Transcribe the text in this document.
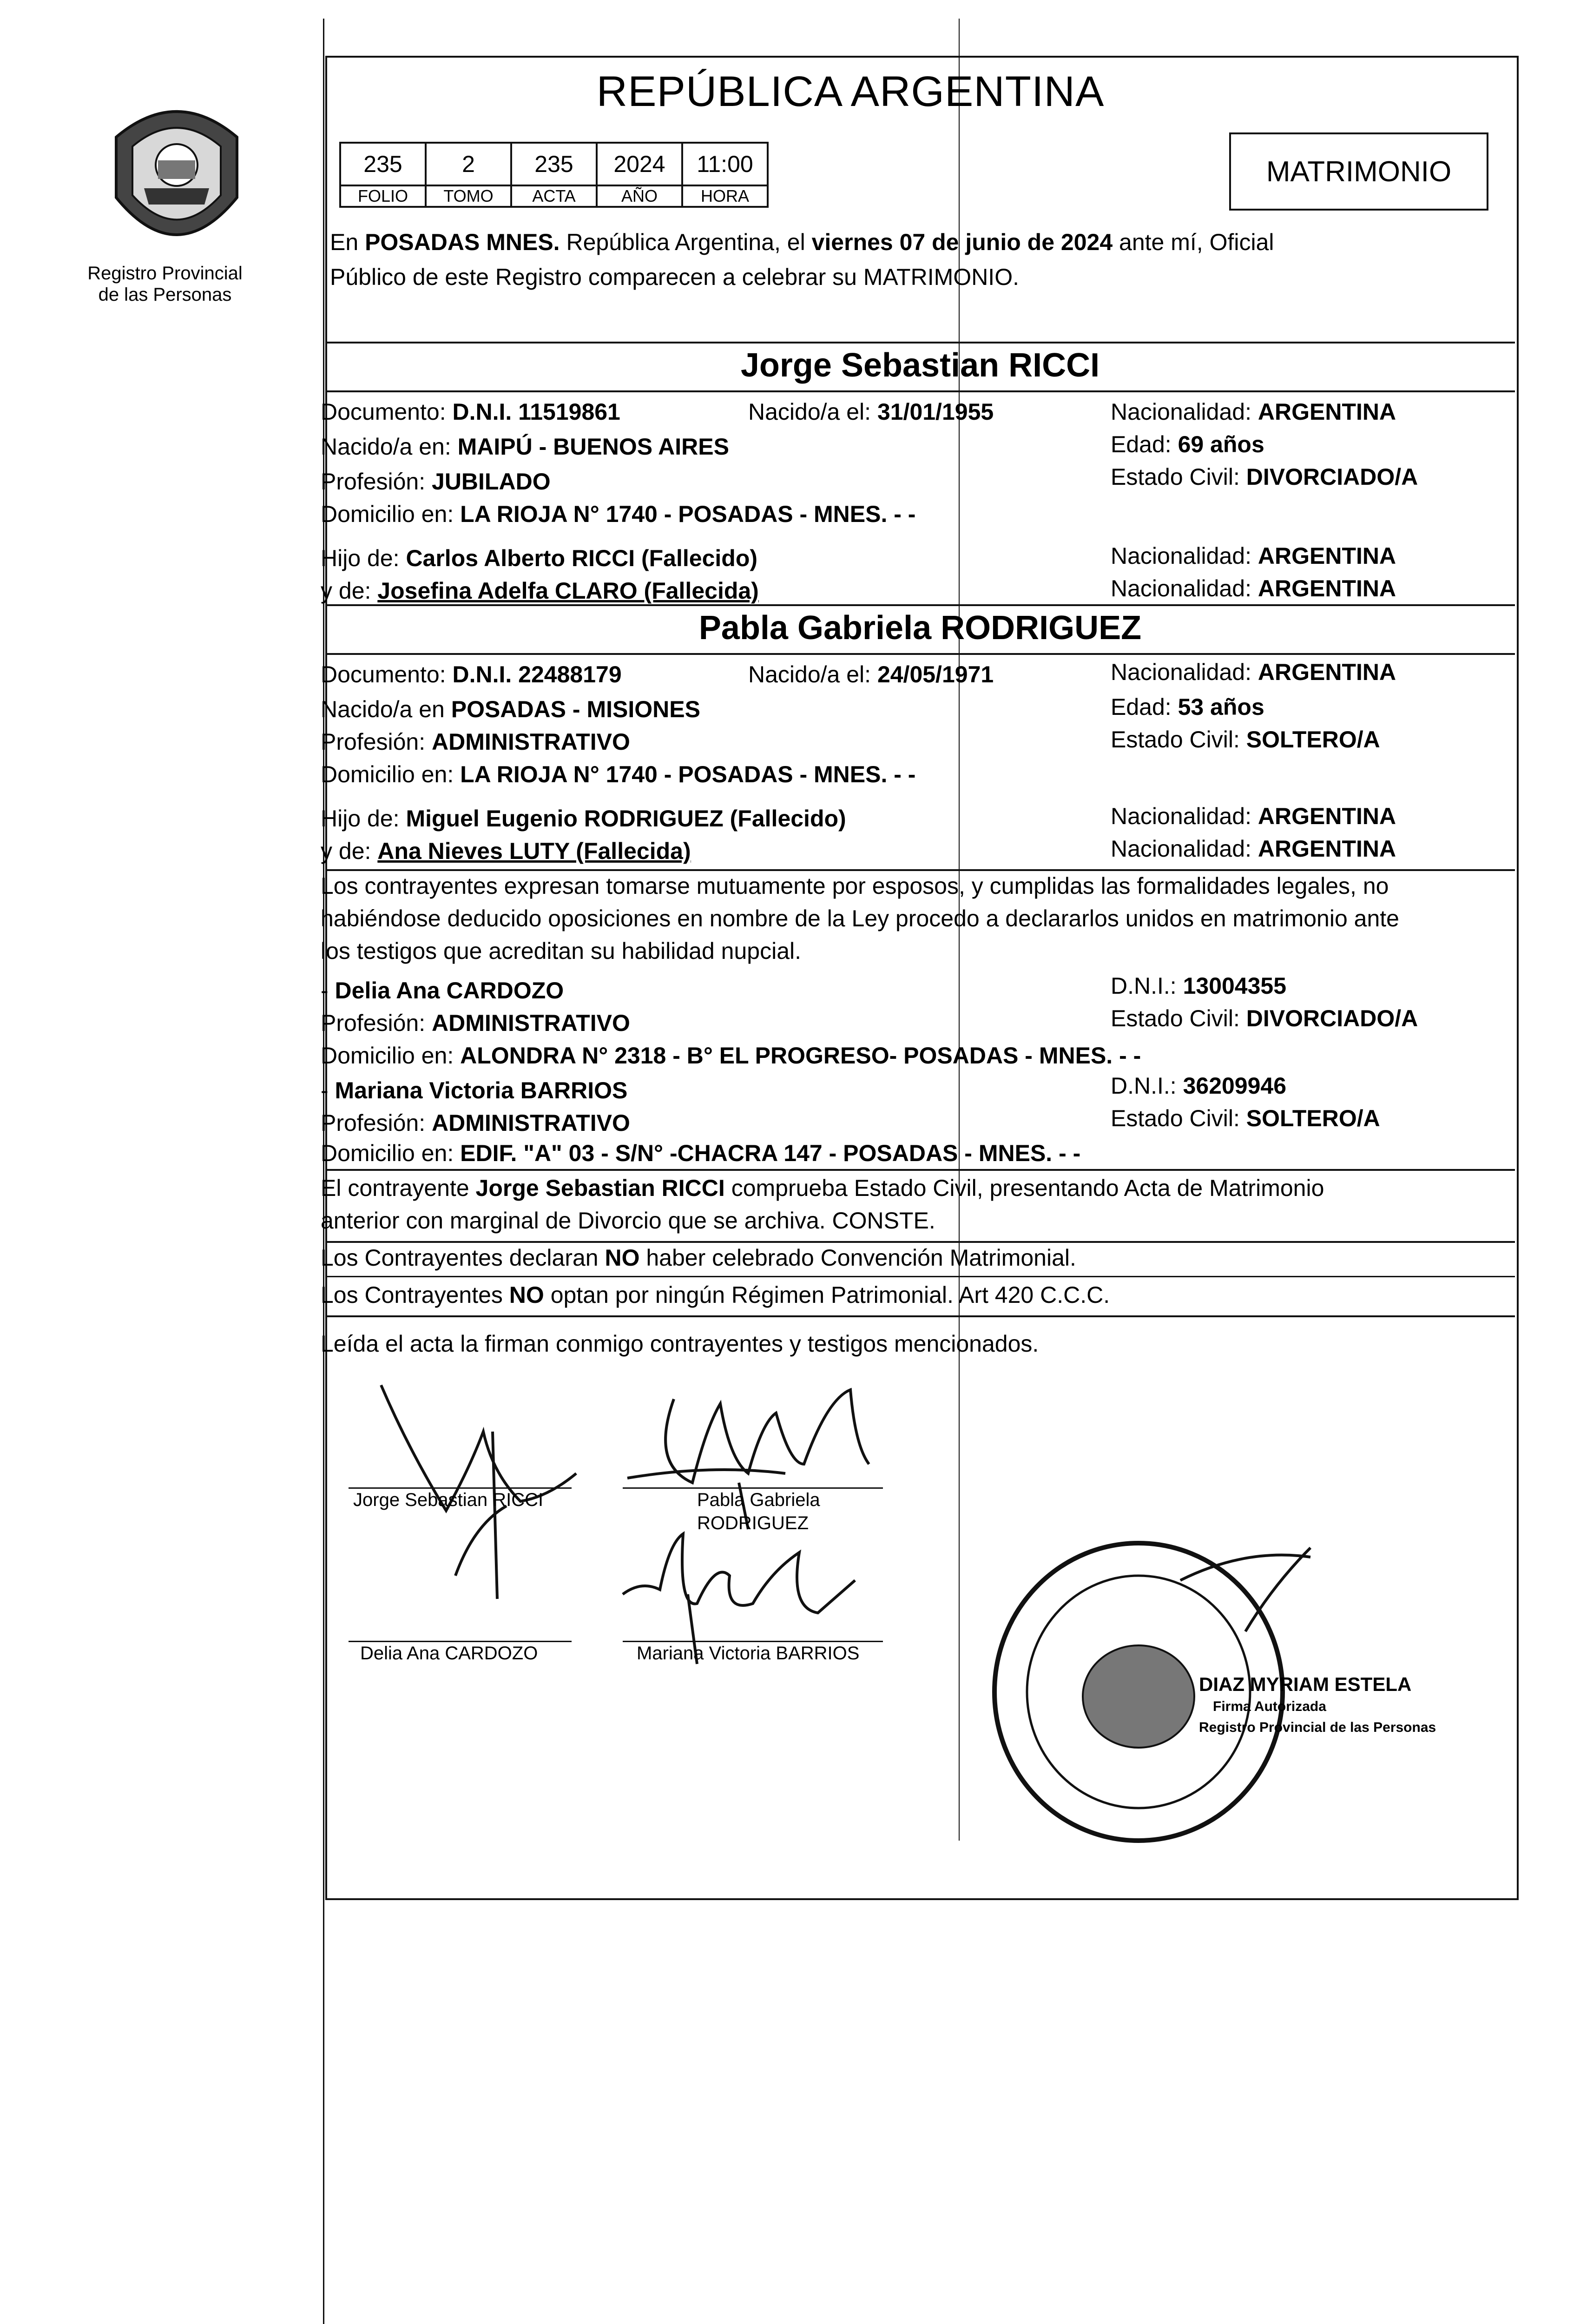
Registro Provincial
de las Personas
REPÚBLICA ARGENTINA
235	2	235	2024	11:00
FOLIO	TOMO	ACTA	AÑO	HORA
MATRIMONIO
En POSADAS MNES. República Argentina, el viernes 07 de junio de 2024 ante mí, Oficial
Público de este Registro comparecen a celebrar su MATRIMONIO.
Jorge Sebastian RICCI
Documento: D.N.I. 11519861	Nacido/a el: 31/01/1955	Nacionalidad: ARGENTINA
Nacido/a en: MAIPÚ - BUENOS AIRES	Edad: 69 años
Profesión: JUBILADO	Estado Civil: DIVORCIADO/A
Domicilio en: LA RIOJA N° 1740 - POSADAS - MNES. - -
Hijo de: Carlos Alberto RICCI (Fallecido)	Nacionalidad: ARGENTINA
y de: Josefina Adelfa CLARO (Fallecida)	Nacionalidad: ARGENTINA
Pabla Gabriela RODRIGUEZ
Documento: D.N.I. 22488179	Nacido/a el: 24/05/1971	Nacionalidad: ARGENTINA
Nacido/a en POSADAS - MISIONES	Edad: 53 años
Profesión: ADMINISTRATIVO	Estado Civil: SOLTERO/A
Domicilio en: LA RIOJA N° 1740 - POSADAS - MNES. - -
Hijo de: Miguel Eugenio RODRIGUEZ (Fallecido)	Nacionalidad: ARGENTINA
y de: Ana Nieves LUTY (Fallecida)	Nacionalidad: ARGENTINA
Los contrayentes expresan tomarse mutuamente por esposos, y cumplidas las formalidades legales, no
habiéndose deducido oposiciones en nombre de la Ley procedo a declararlos unidos en matrimonio ante
los testigos que acreditan su habilidad nupcial.
- Delia Ana CARDOZO	D.N.I.: 13004355
Profesión: ADMINISTRATIVO	Estado Civil: DIVORCIADO/A
Domicilio en: ALONDRA N° 2318 - B° EL PROGRESO- POSADAS - MNES. - -
- Mariana Victoria BARRIOS	D.N.I.: 36209946
Profesión: ADMINISTRATIVO	Estado Civil: SOLTERO/A
Domicilio en: EDIF. "A" 03 - S/N° -CHACRA 147 - POSADAS - MNES. - -
El contrayente Jorge Sebastian RICCI comprueba Estado Civil, presentando Acta de Matrimonio
anterior con marginal de Divorcio que se archiva. CONSTE.
Los Contrayentes declaran NO haber celebrado Convención Matrimonial.
Los Contrayentes NO optan por ningún Régimen Patrimonial. Art 420 C.C.C.
Leída el acta la firman conmigo contrayentes y testigos mencionados.
Jorge Sebastian RICCI	Pabla Gabriela
RODRIGUEZ
Delia Ana CARDOZO	Mariana Victoria BARRIOS
DIAZ MYRIAM ESTELA
Firma Autorizada
Registro Provincial de las Personas
